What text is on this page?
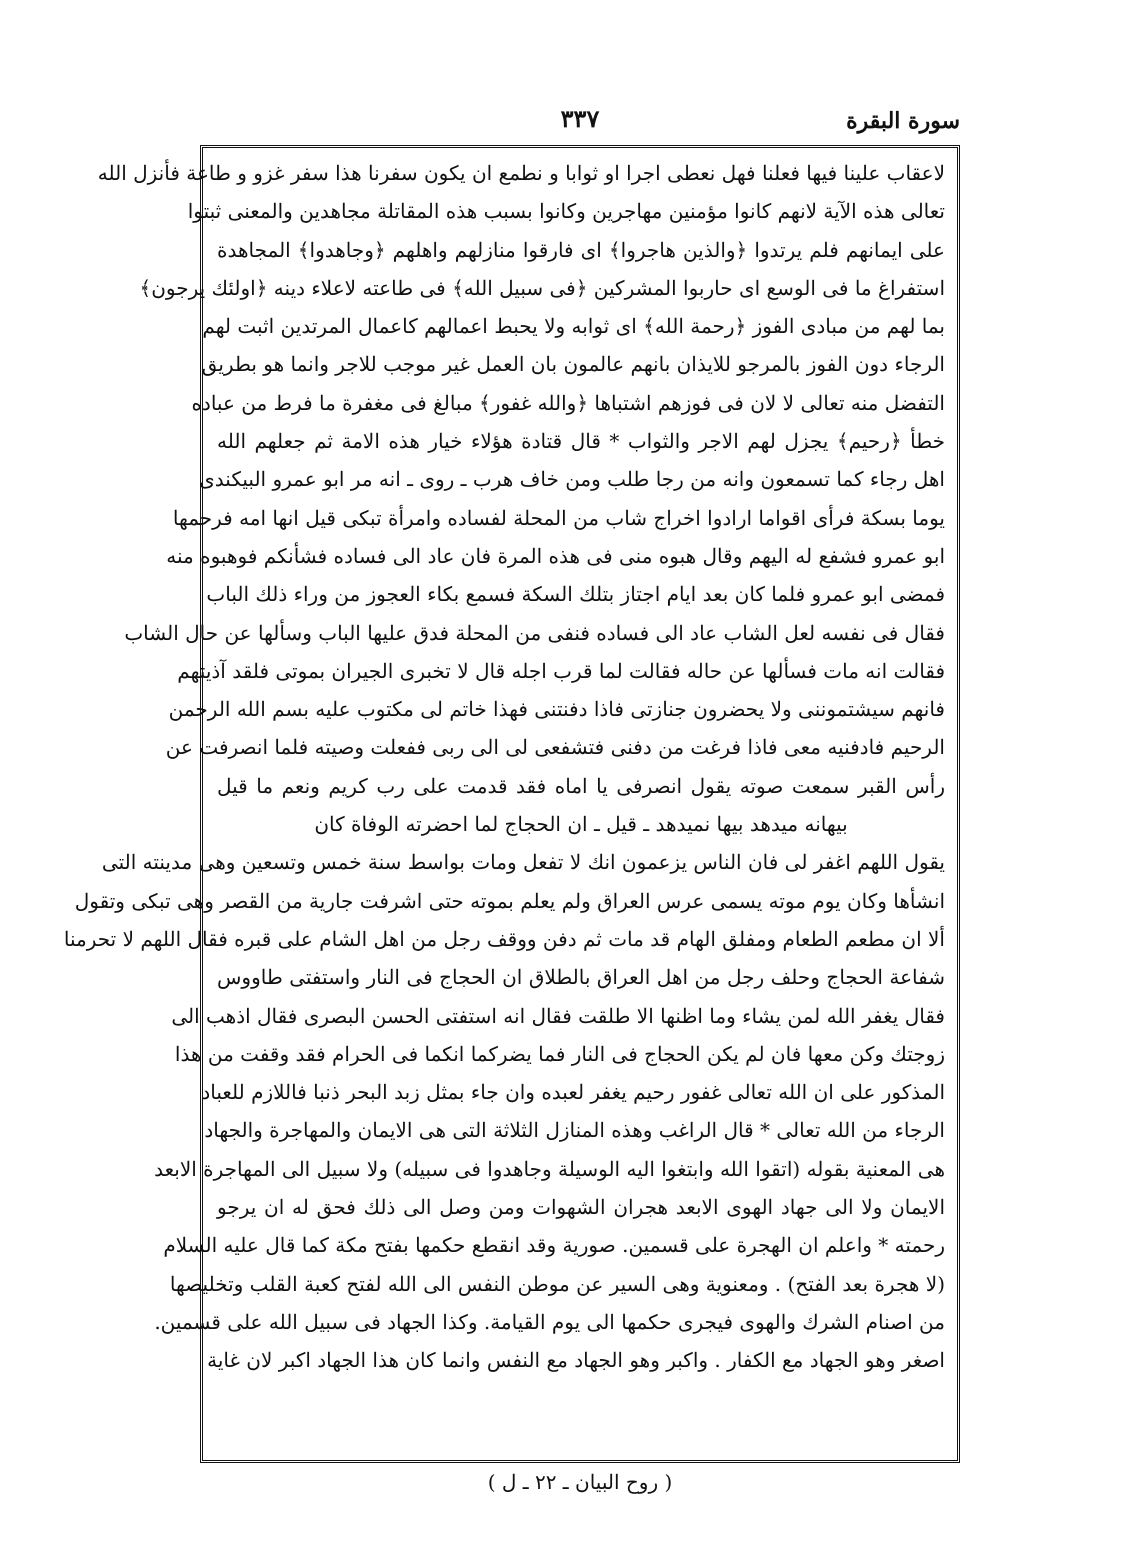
٣٣٧	سورة البقرة
لاعقاب علينا فيها فعلنا فهل نعطى اجرا او ثوابا و نطمع ان يكون سفرنا هذا سفر غزو و طاعة فأنزل الله
تعالى هذه الآية لانهم كانوا مؤمنين مهاجرين وكانوا بسبب هذه المقاتلة مجاهدين والمعنى ثبتوا
على ايمانهم فلم يرتدوا ﴿والذين هاجروا﴾ اى فارقوا منازلهم واهلهم ﴿وجاهدوا﴾ المجاهدة
استفراغ ما فى الوسع اى حاربوا المشركين ﴿فى سبيل الله﴾ فى طاعته لاعلاء دينه ﴿اولئك يرجون﴾
بما لهم من مبادى الفوز ﴿رحمة الله﴾ اى ثوابه ولا يحبط اعمالهم كاعمال المرتدين اثبت لهم
الرجاء دون الفوز بالمرجو للايذان بانهم عالمون بان العمل غير موجب للاجر وانما هو بطريق
التفضل منه تعالى لا لان فى فوزهم اشتباها ﴿والله غفور﴾ مبالغ فى مغفرة ما فرط من عباده
خطأ ﴿رحيم﴾ يجزل لهم الاجر والثواب * قال قتادة هؤلاء خيار هذه الامة ثم جعلهم الله
اهل رجاء كما تسمعون وانه من رجا طلب ومن خاف هرب ـ روى ـ انه مر ابو عمرو البيكندى
يوما بسكة فرأى اقواما ارادوا اخراج شاب من المحلة لفساده وامرأة تبكى قيل انها امه فرحمها
ابو عمرو فشفع له اليهم وقال هبوه منى فى هذه المرة فان عاد الى فساده فشأنكم فوهبوه منه
فمضى ابو عمرو فلما كان بعد ايام اجتاز بتلك السكة فسمع بكاء العجوز من وراء ذلك الباب
فقال فى نفسه لعل الشاب عاد الى فساده فنفى من المحلة فدق عليها الباب وسألها عن حال الشاب
فقالت انه مات فسألها عن حاله فقالت لما قرب اجله قال لا تخبرى الجيران بموتى فلقد آذيتهم
فانهم سيشتموننى ولا يحضرون جنازتى فاذا دفنتنى فهذا خاتم لى مكتوب عليه بسم الله الرحمن
الرحيم فادفنيه معى فاذا فرغت من دفنى فتشفعى لى الى ربى ففعلت وصيته فلما انصرفت عن
رأس القبر سمعت صوته يقول انصرفى يا اماه فقد قدمت على رب كريم ونعم ما قيل
بيهانه ميدهد بيها نميدهد ـ قيل ـ ان الحجاج لما احضرته الوفاة كان
يقول اللهم اغفر لى فان الناس يزعمون انك لا تفعل ومات بواسط سنة خمس وتسعين وهى مدينته التى
انشأها وكان يوم موته يسمى عرس العراق ولم يعلم بموته حتى اشرفت جارية من القصر وهى تبكى وتقول
ألا ان مطعم الطعام ومفلق الهام قد مات ثم دفن ووقف رجل من اهل الشام على قبره فقال اللهم لا تحرمنا
شفاعة الحجاج وحلف رجل من اهل العراق بالطلاق ان الحجاج فى النار واستفتى طاووس
فقال يغفر الله لمن يشاء وما اظنها الا طلقت فقال انه استفتى الحسن البصرى فقال اذهب الى
زوجتك وكن معها فان لم يكن الحجاج فى النار فما يضركما انكما فى الحرام فقد وقفت من هذا
المذكور على ان الله تعالى غفور رحيم يغفر لعبده وان جاء بمثل زبد البحر ذنبا فاللازم للعباد
الرجاء من الله تعالى * قال الراغب وهذه المنازل الثلاثة التى هى الايمان والمهاجرة والجهاد
هى المعنية بقوله (اتقوا الله وابتغوا اليه الوسيلة وجاهدوا فى سبيله) ولا سبيل الى المهاجرة الابعد
الايمان ولا الى جهاد الهوى الابعد هجران الشهوات ومن وصل الى ذلك فحق له ان يرجو
رحمته * واعلم ان الهجرة على قسمين. صورية وقد انقطع حكمها بفتح مكة كما قال عليه السلام
(لا هجرة بعد الفتح) . ومعنوية وهى السير عن موطن النفس الى الله لفتح كعبة القلب وتخليصها
من اصنام الشرك والهوى فيجرى حكمها الى يوم القيامة. وكذا الجهاد فى سبيل الله على قسمين.
اصغر وهو الجهاد مع الكفار . واكبر وهو الجهاد مع النفس وانما كان هذا الجهاد اكبر لان غاية
( روح البيان ـ ٢٢ ـ ل )
